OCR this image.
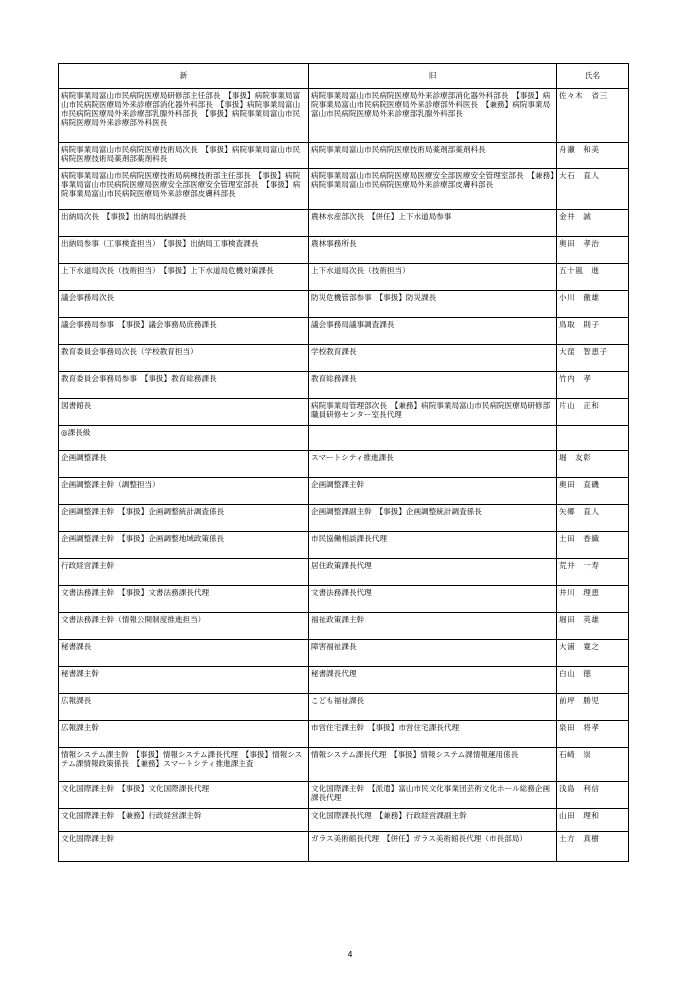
新	旧	氏名
病院事業局富山市民病院医療局研修部主任部長　【事扱】病院事業局富山市民病院医療局外来診療部消化器外科部長　【事扱】病院事業局富山市民病院医療局外来診療部乳腺外科部長　【事扱】病院事業局富山市民病院医療局外来診療部外科医長	病院事業局富山市民病院医療局外来診療部消化器外科部長　【事扱】病院事業局富山市民病院医療局外来診療部外科医長　【兼務】病院事業局富山市民病院医療局外来診療部乳腺外科部長	佐々木　省三
病院事業局富山市民病院医療技術局次長　【事扱】病院事業局富山市民病院医療技術局薬剤部薬剤科長	病院事業局富山市民病院医療技術局薬剤部薬剤科長	舟瀬　和美
病院事業局富山市民病院医療技術局病棟技術部主任部長　【事扱】病院事業局富山市民病院医療局医療安全部医療安全管理室部長　【事扱】病院事業局富山市民病院医療局外来診療部皮膚科部長	病院事業局富山市民病院医療局医療安全部医療安全管理室部長　【兼務】病院事業局富山市民病院医療局外来診療部皮膚科部長	大石　直人
出納局次長　【事扱】出納局出納課長	農林水産部次長　【併任】上下水道局参事	金井　誠
出納局参事（工事検査担当）　【事扱】出納局工事検査課長	農林事務所長	奥田　孝治
上下水道局次長（技術担当）　【事扱】上下水道局危機対策課長	上下水道局次長（技術担当）	五十嵐　進
議会事務局次長	防災危機管部参事　【事扱】防災課長	小川　徹雄
議会事務局参事　【事扱】議会事務局庶務課長	議会事務局議事調査課長	鳥取　則子
教育委員会事務局次長（学校教育担当）	学校教育課長	大窪　智恵子
教育委員会事務局参事　【事扱】教育総務課長	教育総務課長	竹内　孝
図書館長	病院事業局管理部次長　【兼務】病院事業局富山市民病院医療局研修部職員研修センター室長代理	片山　正和
◎課長級		
企画調整課長	スマートシティ推進課長	堀　友彰
企画調整課主幹（調整担当）	企画調整課主幹	奥田　直磯
企画調整課主幹　【事扱】企画調整統計調査係長	企画調整課副主幹　【事扱】企画調整統計調査係長	矢郷　直人
企画調整課主幹　【事扱】企画調整地域政策係長	市民協働相談課長代理	土田　香織
行政経営課主幹	居住政策課長代理	荒井　一寿
文書法務課主幹　【事扱】文書法務課長代理	文書法務課長代理	井川　理恵
文書法務課主幹（情報公開制度推進担当）	福祉政策課主幹	堀田　英雄
秘書課長	障害福祉課長	大浦　寛之
秘書課主幹	秘書課長代理	白山　徳
広報課長	こども福祉課長	前坪　勝児
広報課主幹	市営住宅課主幹　【事扱】市営住宅課長代理	泉田　将孝
情報システム課主幹　【事扱】情報システム課長代理　【事扱】情報システム課情報政策係長　【兼務】スマートシティ推進課主査	情報システム課長代理　【事扱】情報システム課情報運用係長	石崎　崇
文化国際課主幹　【事扱】文化国際課長代理	文化国際課主幹　【派遣】富山市民文化事業団芸術文化ホール総務企画課長代理	浅島　利信
文化国際課主幹　【兼務】行政経営課主幹	文化国際課長代理　【兼務】行政経営課副主幹	山田　理和
文化国際課主幹	ガラス美術館長代理　【併任】ガラス美術館長代理（市長部局）	土方　真樹
4
